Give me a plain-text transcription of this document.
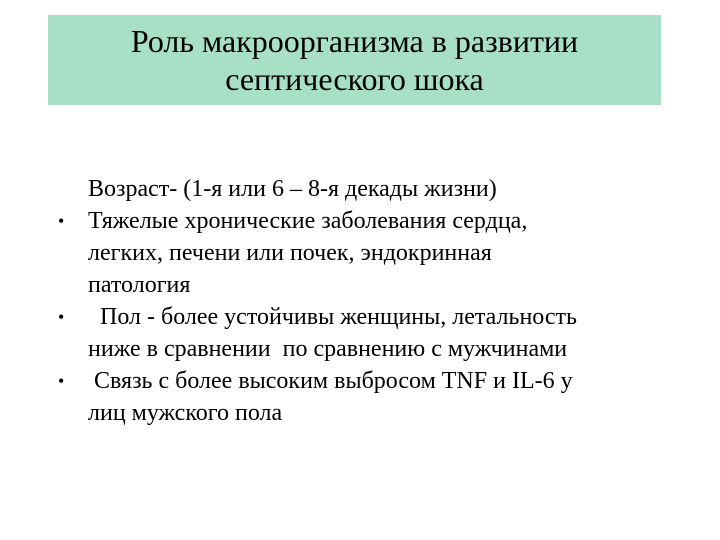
Роль макроорганизма в развитии
септического шока
Возраст- (1-я или 6 – 8-я декады жизни)
• Тяжелые хронические заболевания сердца,
легких, печени или почек, эндокринная
патология
• Пол - более устойчивы женщины, летальность
ниже в сравнении  по сравнению с мужчинами
• Связь с более высоким выбросом TNF и IL-6 у
лиц мужского пола
